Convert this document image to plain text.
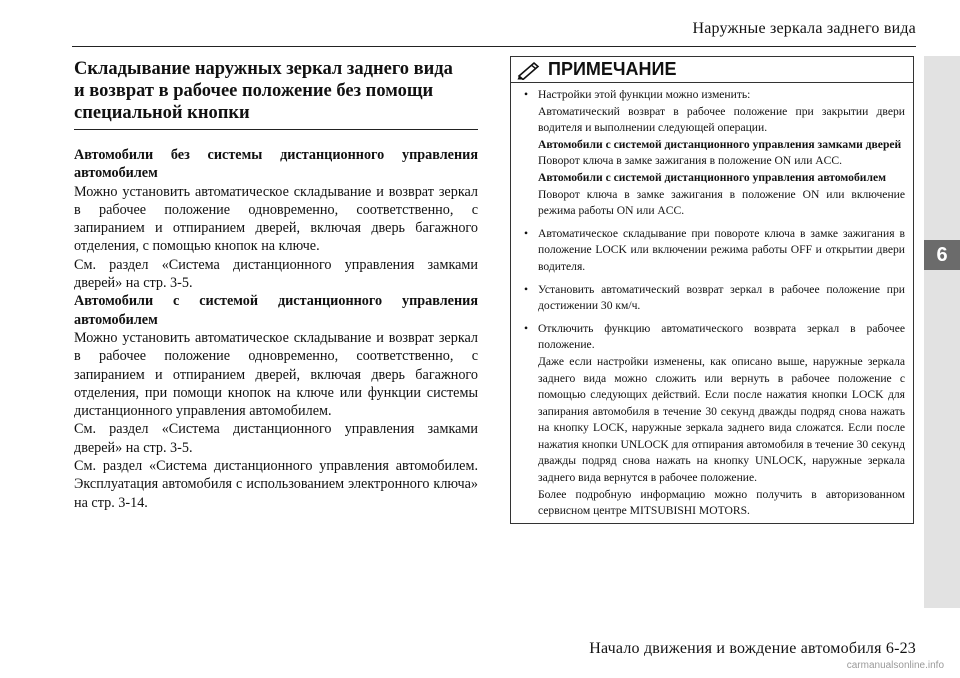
Наружные зеркала заднего вида
6
Складывание наружных зеркал заднего вида
и возврат в рабочее положение без помощи
специальной кнопки

Автомобили без системы дистанционного управления автомобилем

Можно установить автоматическое складывание и возврат зеркал в рабочее положение одновременно, соответственно, с запиранием и отпиранием дверей, включая дверь багажного отделения, с помощью кнопок на ключе.

См. раздел «Система дистанционного управления замками дверей» на стр. 3-5.

Автомобили с системой дистанционного управления автомобилем

Можно установить автоматическое складывание и возврат зеркал в рабочее положение одновременно, соответственно, с запиранием и отпиранием дверей, включая дверь багажного отделения, при помощи кнопок на ключе или функции системы дистанционного управления автомобилем.

См. раздел «Система дистанционного управления замками дверей» на стр. 3-5.

См. раздел «Система дистанционного управления автомобилем. Эксплуатация автомобиля с использованием электронного ключа» на стр. 3-14.

ПРИМЕЧАНИЕ
• Настройки этой функции можно изменить:

Автоматический возврат в рабочее положение при закрытии двери водителя и выполнении следующей операции.

Автомобили с системой дистанционного управления замками дверей

Поворот ключа в замке зажигания в положение ON или ACC.

Автомобили с системой дистанционного управления автомобилем

Поворот ключа в замке зажигания в положение ON или включение режима работы ON или ACC.

• Автоматическое складывание при повороте ключа в замке зажигания в положение LOCK или включении режима работы OFF и открытии двери водителя.

• Установить автоматический возврат зеркал в рабочее положение при достижении 30 км/ч.

• Отключить функцию автоматического возврата зеркал в рабочее положение.

Даже если настройки изменены, как описано выше, наружные зеркала заднего вида можно сложить или вернуть в рабочее положение с помощью следующих действий. Если после нажатия кнопки LOCK для запирания автомобиля в течение 30 секунд дважды подряд снова нажать на кнопку LOCK, наружные зеркала заднего вида сложатся. Если после нажатия кнопки UNLOCK для отпирания автомобиля в течение 30 секунд дважды подряд снова нажать на кнопку UNLOCK, наружные зеркала заднего вида вернутся в рабочее положение.

Более подробную информацию можно получить в авторизованном сервисном центре MITSUBISHI MOTORS.

Начало движения и вождение автомобиля 6-23
carmanualsonline.info
